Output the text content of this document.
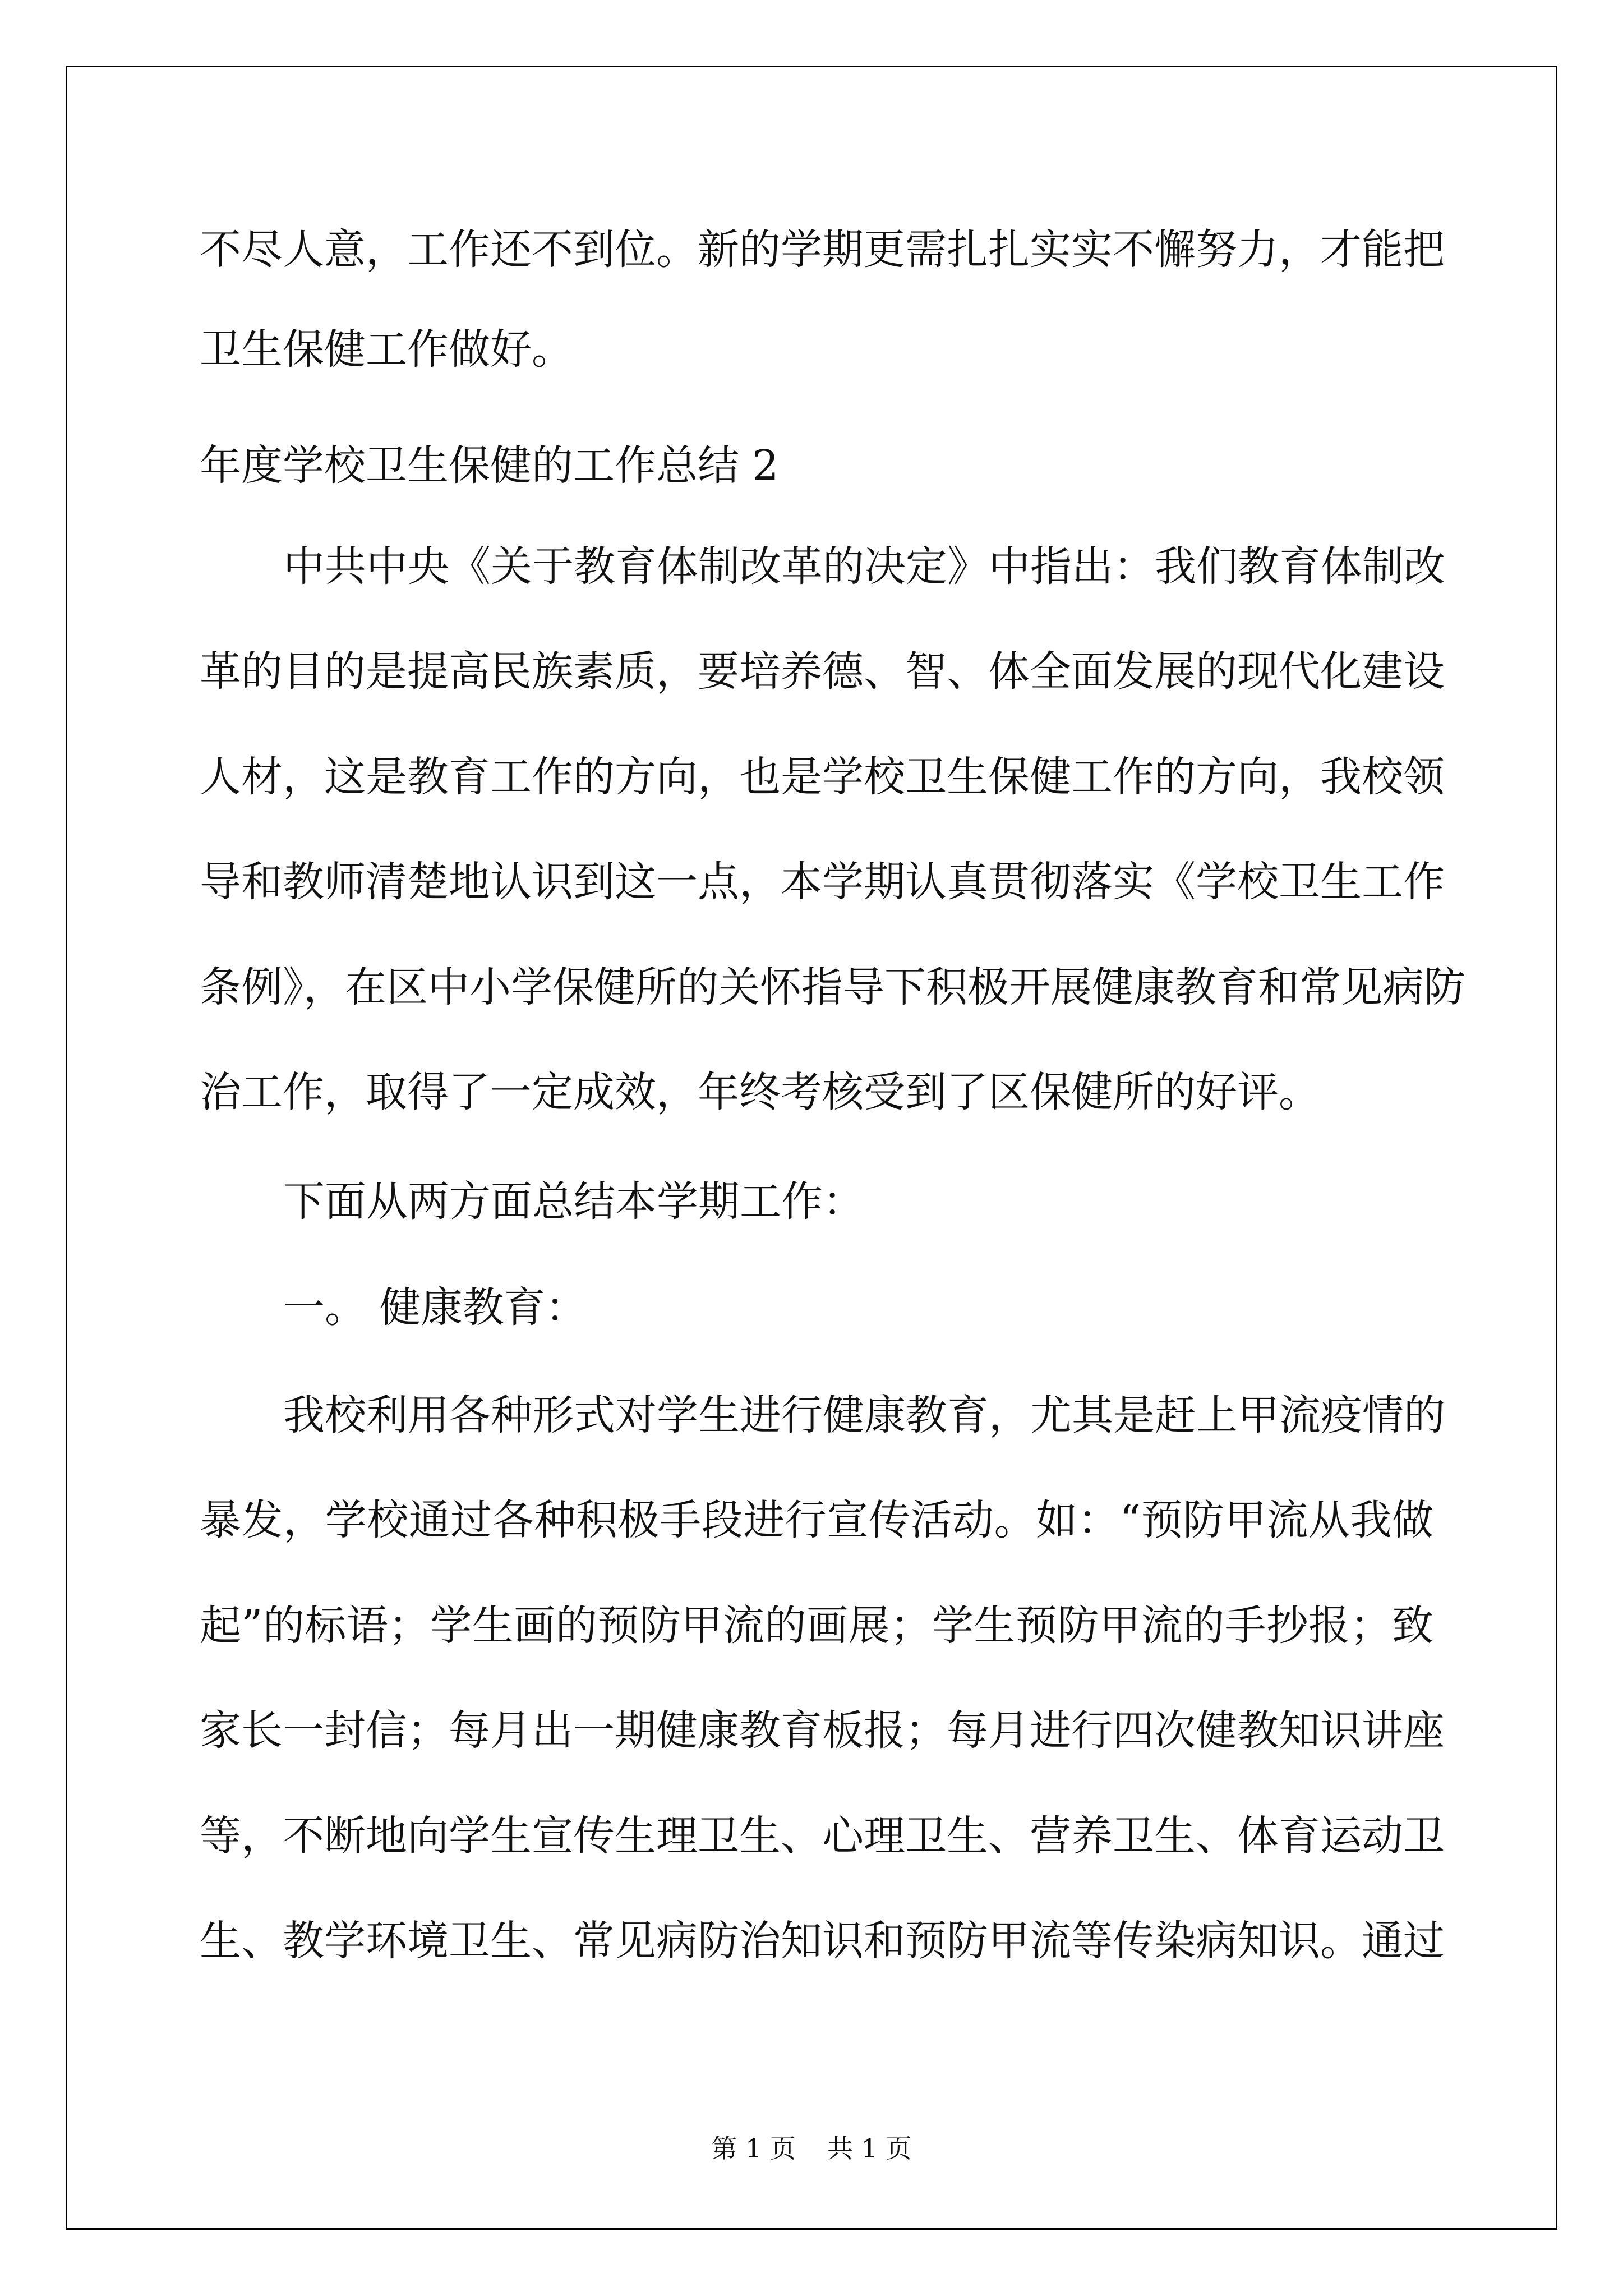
不尽人意，工作还不到位。新的学期更需扎扎实实不懈努力，才能把
卫生保健工作做好。
年度学校卫生保健的工作总结 2
中共中央《关于教育体制改革的决定》中指出：我们教育体制改
革的目的是提高民族素质，要培养德、智、体全面发展的现代化建设
人材，这是教育工作的方向，也是学校卫生保健工作的方向，我校领
导和教师清楚地认识到这一点，本学期认真贯彻落实《学校卫生工作
条例》，在区中小学保健所的关怀指导下积极开展健康教育和常见病防
治工作，取得了一定成效，年终考核受到了区保健所的好评。
下面从两方面总结本学期工作：
一。 健康教育：
我校利用各种形式对学生进行健康教育，尤其是赶上甲流疫情的
暴发，学校通过各种积极手段进行宣传活动。如：“预防甲流从我做
起”的标语；学生画的预防甲流的画展；学生预防甲流的手抄报；致
家长一封信；每月出一期健康教育板报；每月进行四次健教知识讲座
等，不断地向学生宣传生理卫生、心理卫生、营养卫生、体育运动卫
生、教学环境卫生、常见病防治知识和预防甲流等传染病知识。通过
第 1 页 共 1 页
